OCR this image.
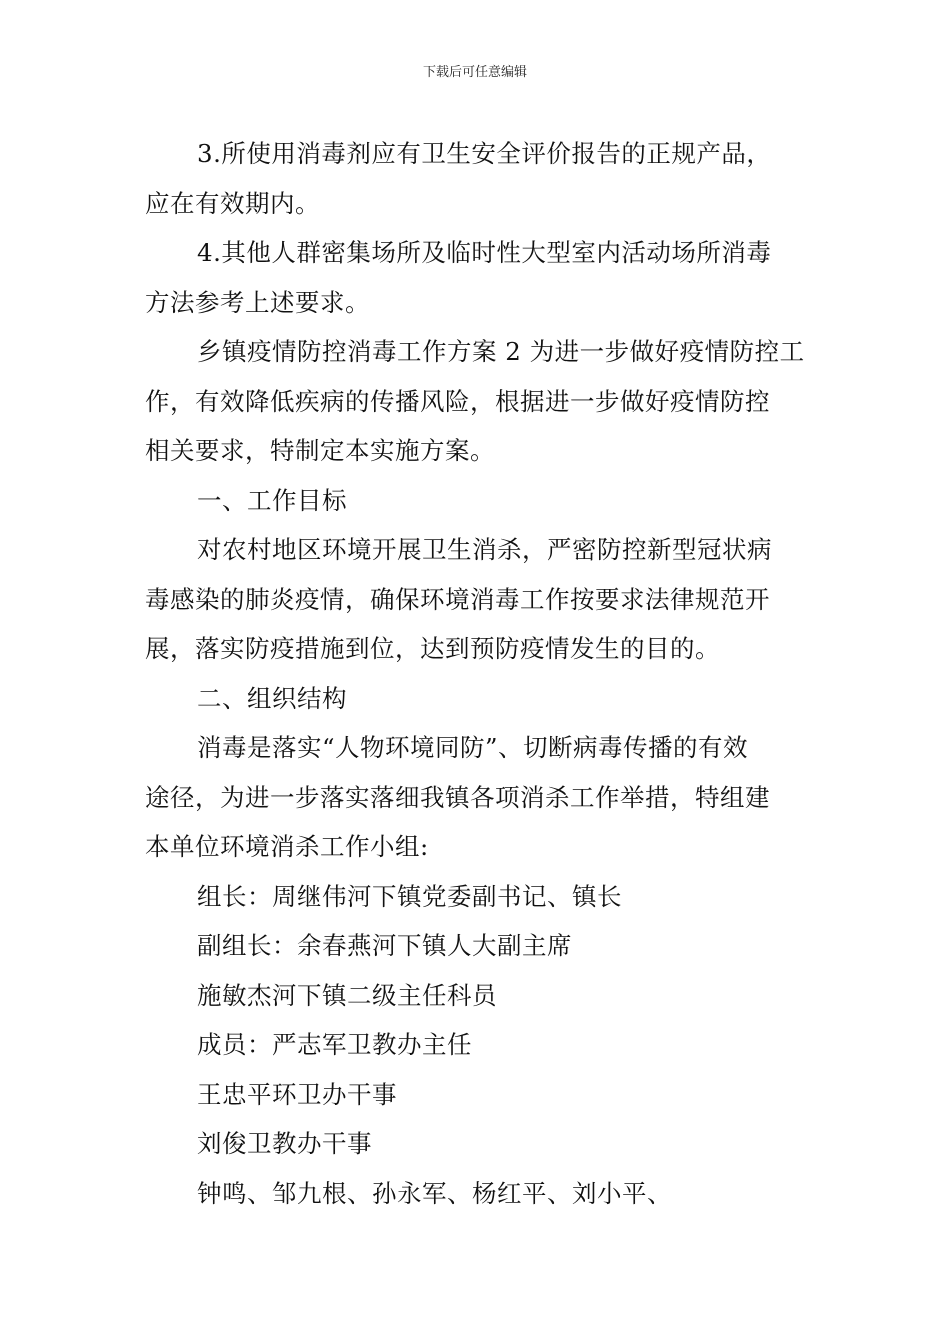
下载后可任意编辑

3.所使用消毒剂应有卫生安全评价报告的正规产品，
应在有效期内。

4.其他人群密集场所及临时性大型室内活动场所消毒
方法参考上述要求。

乡镇疫情防控消毒工作方案 2 为进一步做好疫情防控工
作，有效降低疾病的传播风险，根据进一步做好疫情防控
相关要求，特制定本实施方案。

一、工作目标

对农村地区环境开展卫生消杀，严密防控新型冠状病
毒感染的肺炎疫情，确保环境消毒工作按要求法律规范开
展，落实防疫措施到位，达到预防疫情发生的目的。

二、组织结构

消毒是落实“人物环境同防”、切断病毒传播的有效
途径，为进一步落实落细我镇各项消杀工作举措，特组建
本单位环境消杀工作小组:

组长：周继伟河下镇党委副书记、镇长

副组长：余春燕河下镇人大副主席

施敏杰河下镇二级主任科员

成员：严志军卫教办主任

王忠平环卫办干事

刘俊卫教办干事

钟鸣、邹九根、孙永军、杨红平、刘小平、
